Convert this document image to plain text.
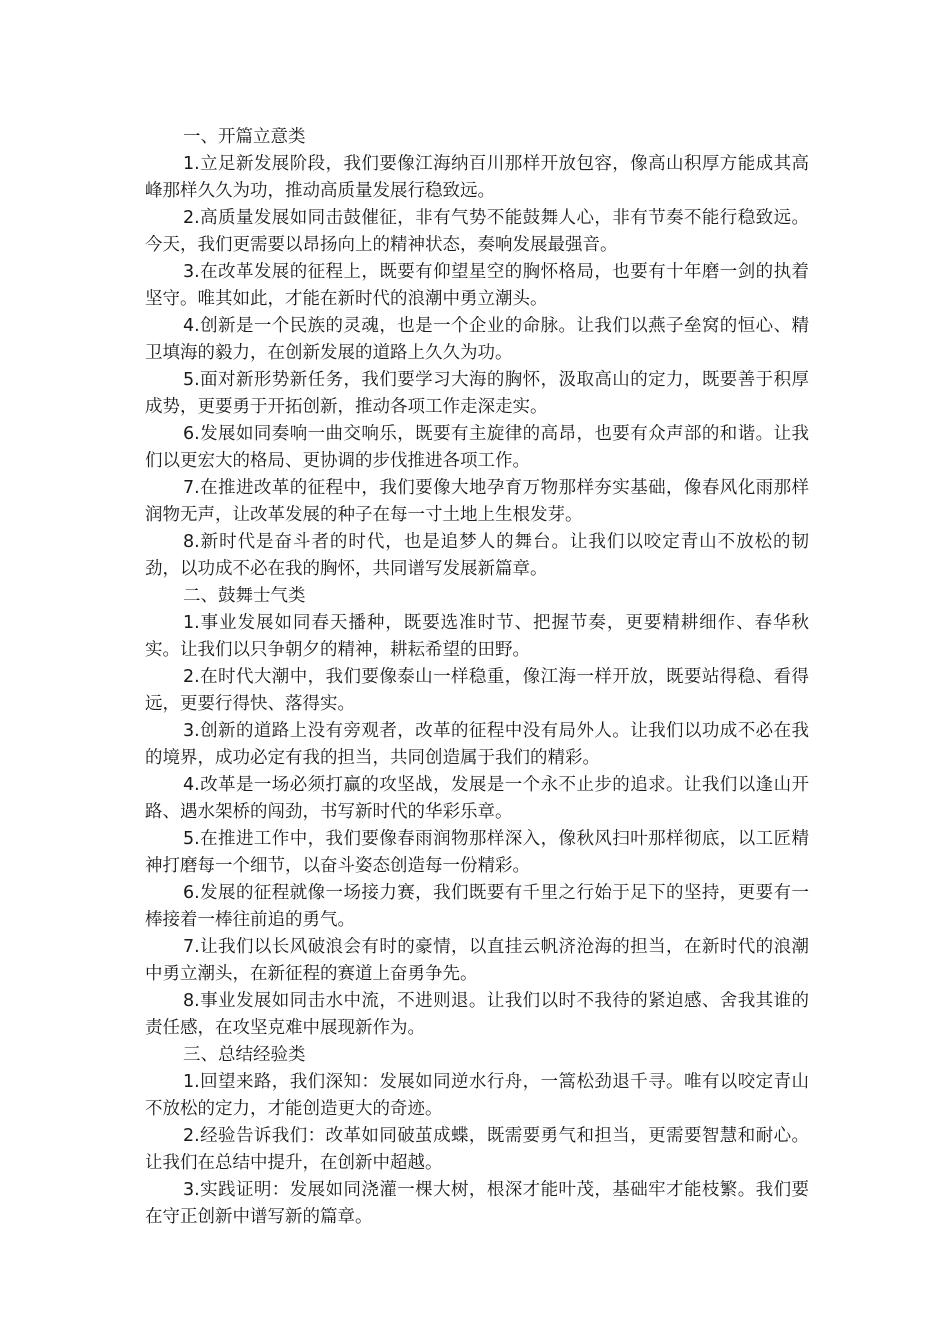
一、开篇立意类

1.立足新发展阶段，我们要像江海纳百川那样开放包容，像高山积厚方能成其高峰那样久久为功，推动高质量发展行稳致远。

2.高质量发展如同击鼓催征，非有气势不能鼓舞人心，非有节奏不能行稳致远。今天，我们更需要以昂扬向上的精神状态，奏响发展最强音。

3.在改革发展的征程上，既要有仰望星空的胸怀格局，也要有十年磨一剑的执着坚守。唯其如此，才能在新时代的浪潮中勇立潮头。

4.创新是一个民族的灵魂，也是一个企业的命脉。让我们以燕子垒窝的恒心、精卫填海的毅力，在创新发展的道路上久久为功。

5.面对新形势新任务，我们要学习大海的胸怀，汲取高山的定力，既要善于积厚成势，更要勇于开拓创新，推动各项工作走深走实。

6.发展如同奏响一曲交响乐，既要有主旋律的高昂，也要有众声部的和谐。让我们以更宏大的格局、更协调的步伐推进各项工作。

7.在推进改革的征程中，我们要像大地孕育万物那样夯实基础，像春风化雨那样润物无声，让改革发展的种子在每一寸土地上生根发芽。

8.新时代是奋斗者的时代，也是追梦人的舞台。让我们以咬定青山不放松的韧劲，以功成不必在我的胸怀，共同谱写发展新篇章。

二、鼓舞士气类

1.事业发展如同春天播种，既要选准时节、把握节奏，更要精耕细作、春华秋实。让我们以只争朝夕的精神，耕耘希望的田野。

2.在时代大潮中，我们要像泰山一样稳重，像江海一样开放，既要站得稳、看得远，更要行得快、落得实。

3.创新的道路上没有旁观者，改革的征程中没有局外人。让我们以功成不必在我的境界，成功必定有我的担当，共同创造属于我们的精彩。

4.改革是一场必须打赢的攻坚战，发展是一个永不止步的追求。让我们以逢山开路、遇水架桥的闯劲，书写新时代的华彩乐章。

5.在推进工作中，我们要像春雨润物那样深入，像秋风扫叶那样彻底，以工匠精神打磨每一个细节，以奋斗姿态创造每一份精彩。

6.发展的征程就像一场接力赛，我们既要有千里之行始于足下的坚持，更要有一棒接着一棒往前追的勇气。

7.让我们以长风破浪会有时的豪情，以直挂云帆济沧海的担当，在新时代的浪潮中勇立潮头，在新征程的赛道上奋勇争先。

8.事业发展如同击水中流，不进则退。让我们以时不我待的紧迫感、舍我其谁的责任感，在攻坚克难中展现新作为。

三、总结经验类

1.回望来路，我们深知：发展如同逆水行舟，一篙松劲退千寻。唯有以咬定青山不放松的定力，才能创造更大的奇迹。

2.经验告诉我们：改革如同破茧成蝶，既需要勇气和担当，更需要智慧和耐心。让我们在总结中提升，在创新中超越。

3.实践证明：发展如同浇灌一棵大树，根深才能叶茂，基础牢才能枝繁。我们要在守正创新中谱写新的篇章。
